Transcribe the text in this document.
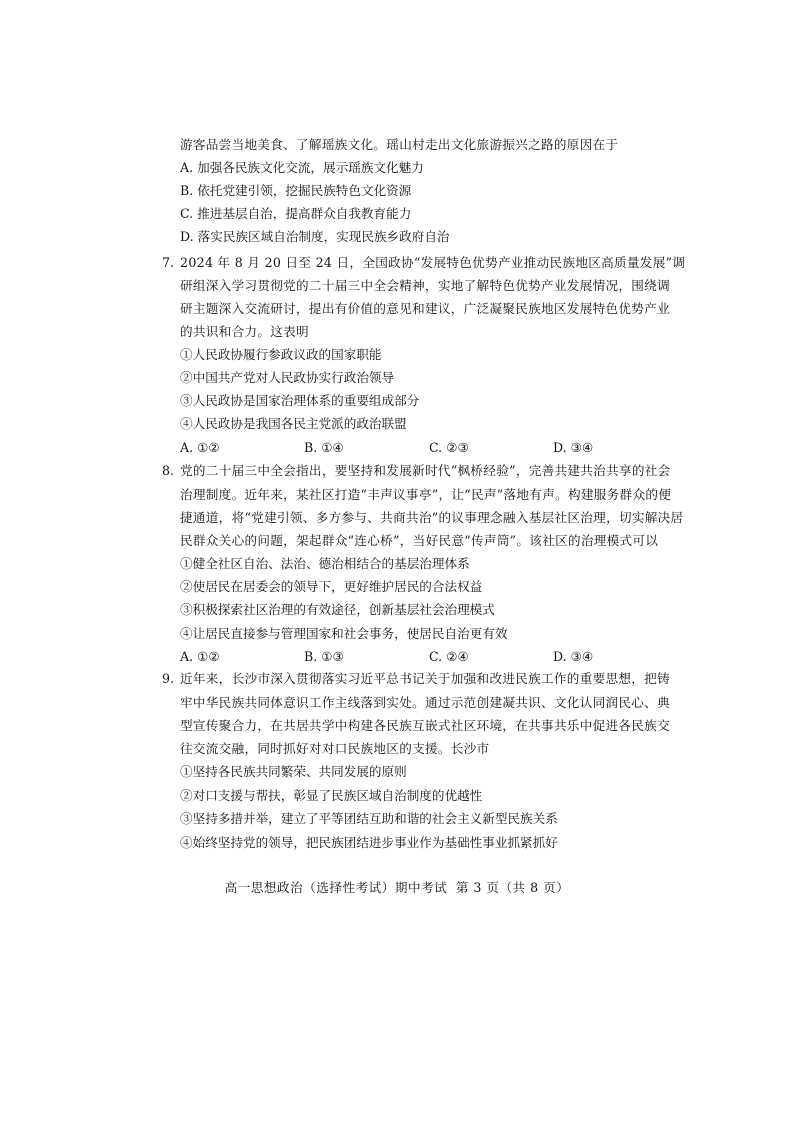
游客品尝当地美食、了解瑶族文化。瑶山村走出文化旅游振兴之路的原因在于
A. 加强各民族文化交流，展示瑶族文化魅力
B. 依托党建引领，挖掘民族特色文化资源
C. 推进基层自治，提高群众自我教育能力
D. 落实民族区域自治制度，实现民族乡政府自治
7. 2024 年 8 月 20 日至 24 日，全国政协“发展特色优势产业推动民族地区高质量发展”调
研组深入学习贯彻党的二十届三中全会精神，实地了解特色优势产业发展情况，围绕调
研主题深入交流研讨，提出有价值的意见和建议，广泛凝聚民族地区发展特色优势产业
的共识和合力。这表明
①人民政协履行参政议政的国家职能
②中国共产党对人民政协实行政治领导
③人民政协是国家治理体系的重要组成部分
④人民政协是我国各民主党派的政治联盟
A. ①②	B. ①④	C. ②③	D. ③④
8. 党的二十届三中全会指出，要坚持和发展新时代“枫桥经验”，完善共建共治共享的社会
治理制度。近年来，某社区打造“丰声议事亭”，让“民声”落地有声。构建服务群众的便
捷通道，将“党建引领、多方参与、共商共治”的议事理念融入基层社区治理，切实解决居
民群众关心的问题，架起群众“连心桥”，当好民意“传声筒”。该社区的治理模式可以
①健全社区自治、法治、德治相结合的基层治理体系
②使居民在居委会的领导下，更好维护居民的合法权益
③积极探索社区治理的有效途径，创新基层社会治理模式
④让居民直接参与管理国家和社会事务，使居民自治更有效
A. ①②	B. ①③	C. ②④	D. ③④
9. 近年来，长沙市深入贯彻落实习近平总书记关于加强和改进民族工作的重要思想，把铸
牢中华民族共同体意识工作主线落到实处。通过示范创建凝共识、文化认同润民心、典
型宣传聚合力，在共居共学中构建各民族互嵌式社区环境，在共事共乐中促进各民族交
往交流交融，同时抓好对对口民族地区的支援。长沙市
①坚持各民族共同繁荣、共同发展的原则
②对口支援与帮扶，彰显了民族区域自治制度的优越性
③坚持多措并举，建立了平等团结互助和谐的社会主义新型民族关系
④始终坚持党的领导，把民族团结进步事业作为基础性事业抓紧抓好
高一思想政治（选择性考试）期中考试 第 3 页（共 8 页）
